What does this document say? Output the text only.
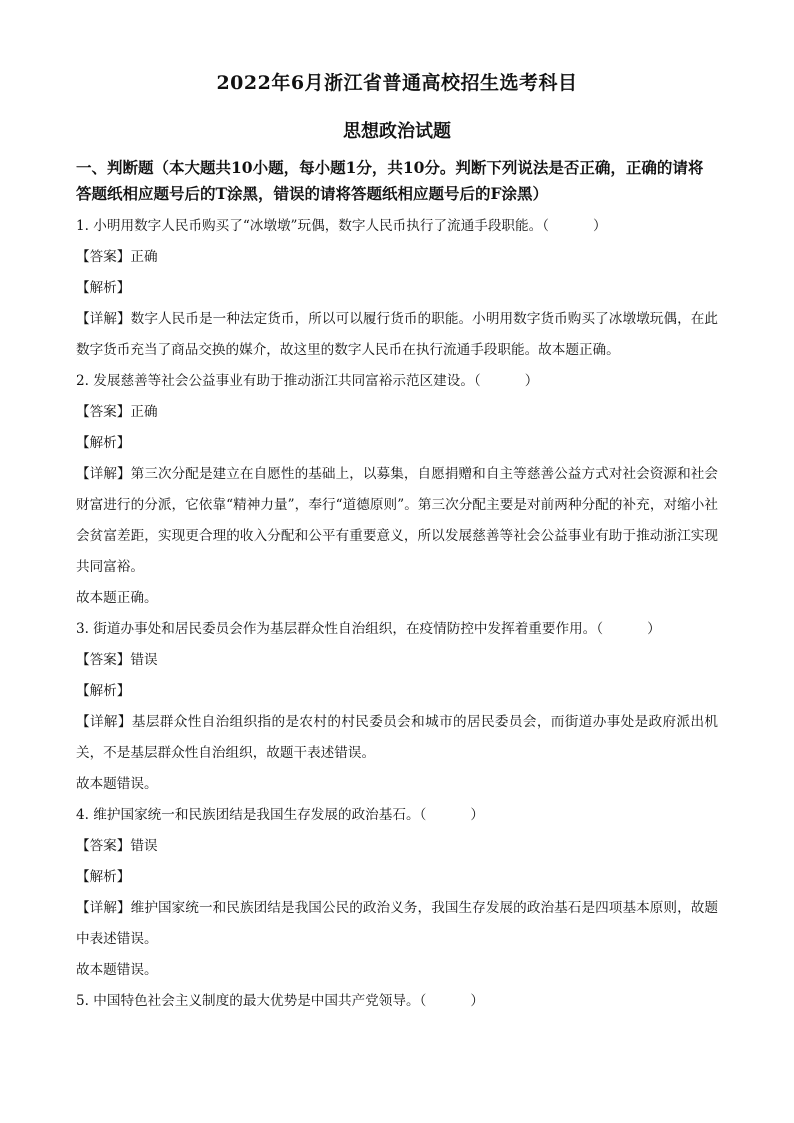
2022年6月浙江省普通高校招生选考科目
思想政治试题
一、判断题（本大题共10小题，每小题1分，共10分。判断下列说法是否正确，正确的请将答题纸相应题号后的T涂黑，错误的请将答题纸相应题号后的F涂黑）

1. 小明用数字人民币购买了“冰墩墩”玩偶，数字人民币执行了流通手段职能。（	）

【答案】正确

【解析】

【详解】数字人民币是一种法定货币，所以可以履行货币的职能。小明用数字货币购买了冰墩墩玩偶，在此数字货币充当了商品交换的媒介，故这里的数字人民币在执行流通手段职能。故本题正确。

2. 发展慈善等社会公益事业有助于推动浙江共同富裕示范区建设。（	）

【答案】正确

【解析】

【详解】第三次分配是建立在自愿性的基础上，以募集，自愿捐赠和自主等慈善公益方式对社会资源和社会财富进行的分派，它依靠“精神力量”，奉行“道德原则”。第三次分配主要是对前两种分配的补充，对缩小社会贫富差距，实现更合理的收入分配和公平有重要意义，所以发展慈善等社会公益事业有助于推动浙江实现共同富裕。

故本题正确。

3. 街道办事处和居民委员会作为基层群众性自治组织，在疫情防控中发挥着重要作用。（	）

【答案】错误

【解析】

【详解】基层群众性自治组织指的是农村的村民委员会和城市的居民委员会，而街道办事处是政府派出机关，不是基层群众性自治组织，故题干表述错误。

故本题错误。

4. 维护国家统一和民族团结是我国生存发展的政治基石。（	）

【答案】错误

【解析】

【详解】维护国家统一和民族团结是我国公民的政治义务，我国生存发展的政治基石是四项基本原则，故题中表述错误。

故本题错误。

5. 中国特色社会主义制度的最大优势是中国共产党领导。（	）
